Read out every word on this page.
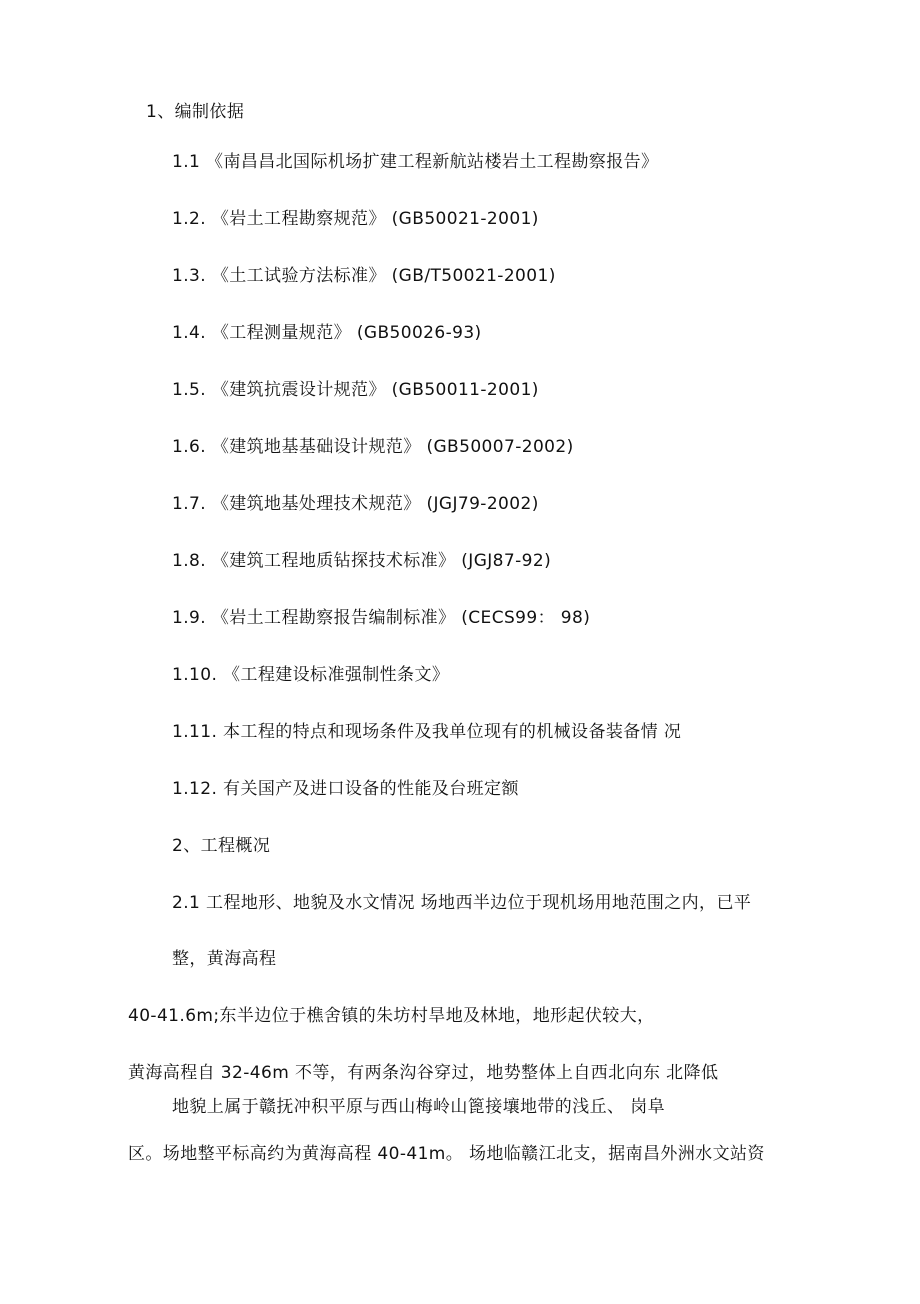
1、编制依据
1.1 《南昌昌北国际机场扩建工程新航站楼岩土工程勘察报告》
1.2. 《岩土工程勘察规范》 (GB50021-2001)
1.3. 《土工试验方法标准》 (GB/T50021-2001)
1.4. 《工程测量规范》 (GB50026-93)
1.5. 《建筑抗震设计规范》 (GB50011-2001)
1.6. 《建筑地基基础设计规范》 (GB50007-2002)
1.7. 《建筑地基处理技术规范》 (JGJ79-2002)
1.8. 《建筑工程地质钻探技术标准》 (JGJ87-92)
1.9. 《岩土工程勘察报告编制标准》 (CECS99： 98)
1.10. 《工程建设标准强制性条文》
1.11. 本工程的特点和现场条件及我单位现有的机械设备装备情 况
1.12. 有关国产及进口设备的性能及台班定额
2、工程概况
2.1 工程地形、地貌及水文情况 场地西半边位于现机场用地范围之内，已平
整，黄海高程
40-41.6m;东半边位于樵舍镇的朱坊村旱地及林地，地形起伏较大，
黄海高程自 32-46m 不等，有两条沟谷穿过，地势整体上自西北向东 北降低
地貌上属于赣抚冲积平原与西山梅岭山篦接壤地带的浅丘、 岗阜
区。场地整平标高约为黄海高程 40-41m。 场地临赣江北支，据南昌外洲水文站资
